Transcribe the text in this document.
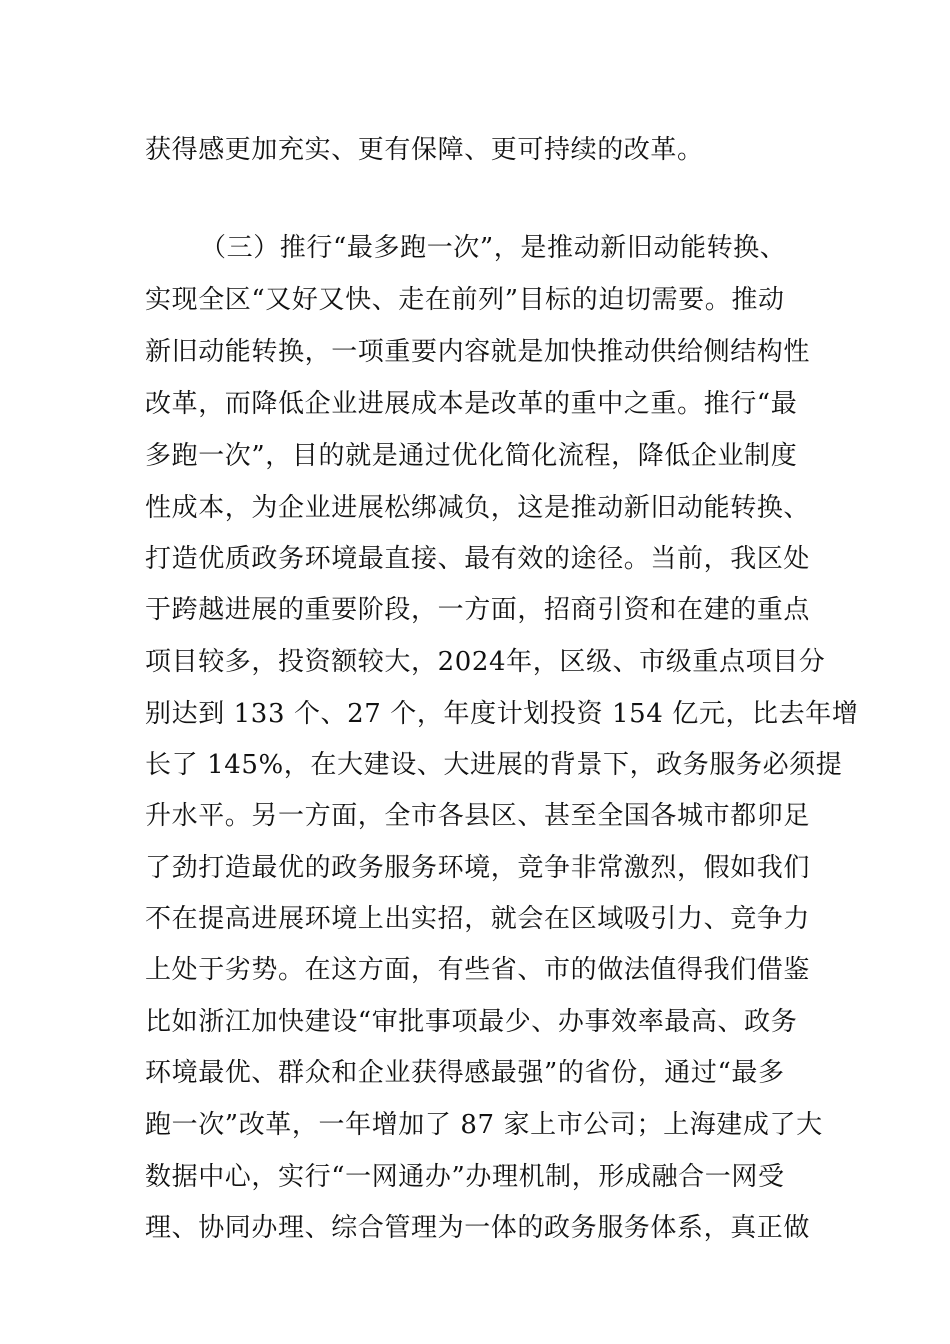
获得感更加充实、更有保障、更可持续的改革。
（三）推行“最多跑一次”，是推动新旧动能转换、
实现全区“又好又快、走在前列”目标的迫切需要。推动
新旧动能转换，一项重要内容就是加快推动供给侧结构性
改革，而降低企业进展成本是改革的重中之重。推行“最
多跑一次”，目的就是通过优化简化流程，降低企业制度
性成本，为企业进展松绑减负，这是推动新旧动能转换、
打造优质政务环境最直接、最有效的途径。当前，我区处
于跨越进展的重要阶段，一方面，招商引资和在建的重点
项目较多，投资额较大，2024年，区级、市级重点项目分
别达到 133 个、27 个，年度计划投资 154 亿元，比去年增
长了 145%，在大建设、大进展的背景下，政务服务必须提
升水平。另一方面，全市各县区、甚至全国各城市都卯足
了劲打造最优的政务服务环境，竞争非常激烈，假如我们
不在提高进展环境上出实招，就会在区域吸引力、竞争力
上处于劣势。在这方面，有些省、市的做法值得我们借鉴
比如浙江加快建设“审批事项最少、办事效率最高、政务
环境最优、群众和企业获得感最强”的省份，通过“最多
跑一次”改革，一年增加了 87 家上市公司；上海建成了大
数据中心，实行“一网通办”办理机制，形成融合一网受
理、协同办理、综合管理为一体的政务服务体系，真正做
